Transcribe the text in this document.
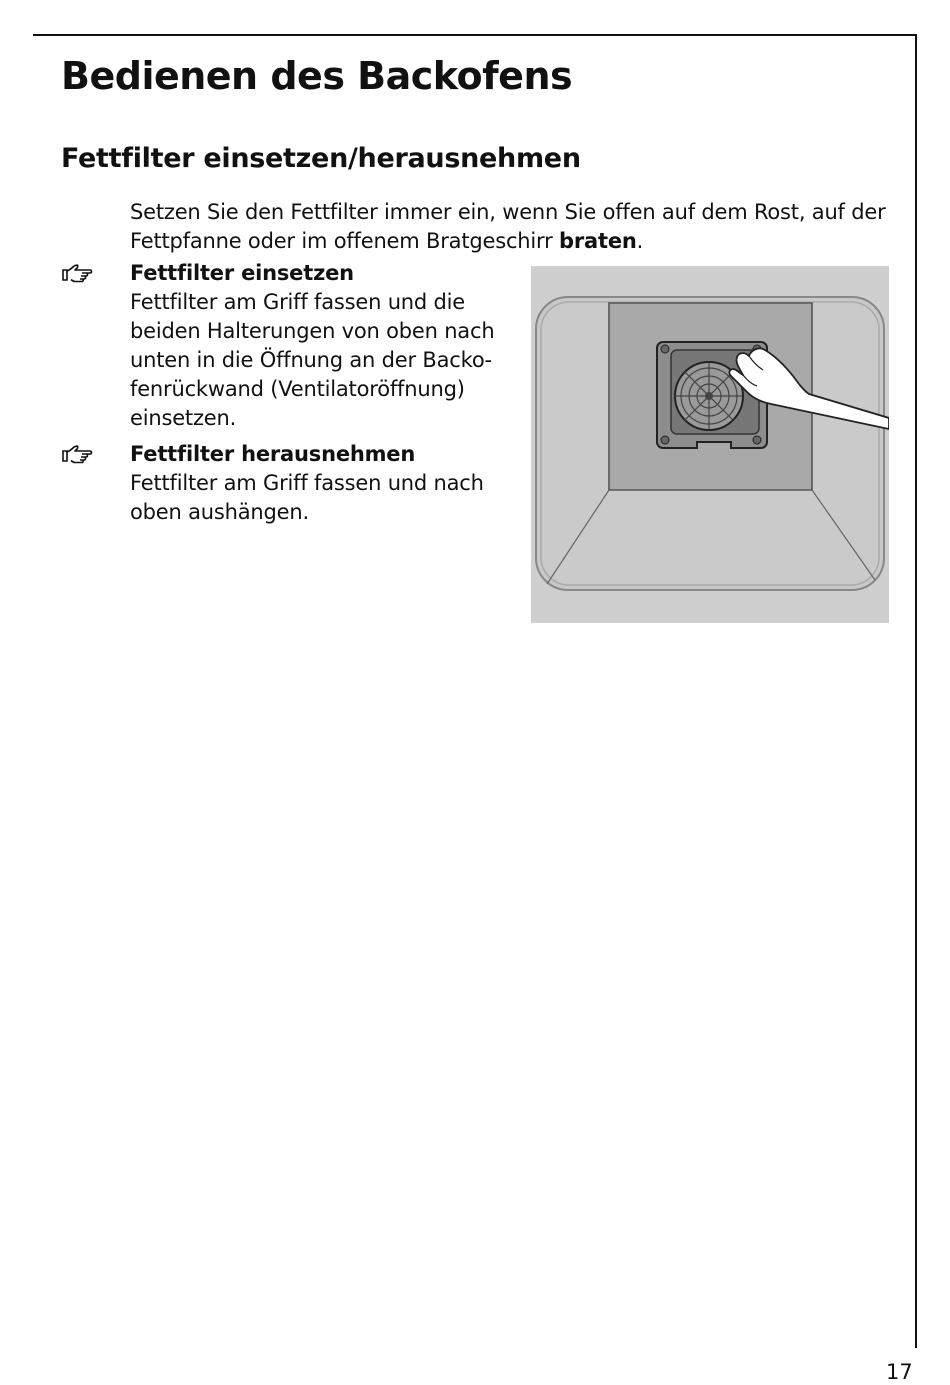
Bedienen des Backofens
Fettfilter einsetzen/herausnehmen

Setzen Sie den Fettfilter immer ein, wenn Sie offen auf dem Rost, auf der Fettpfanne oder im offenem Bratgeschirr braten.

Fettfilter einsetzen

Fettfilter am Griff fassen und die beiden Halterungen von oben nach unten in die Öffnung an der Backofenrückwand (Ventilatoröffnung) einsetzen.

Fettfilter herausnehmen

Fettfilter am Griff fassen und nach oben aushängen.

17
